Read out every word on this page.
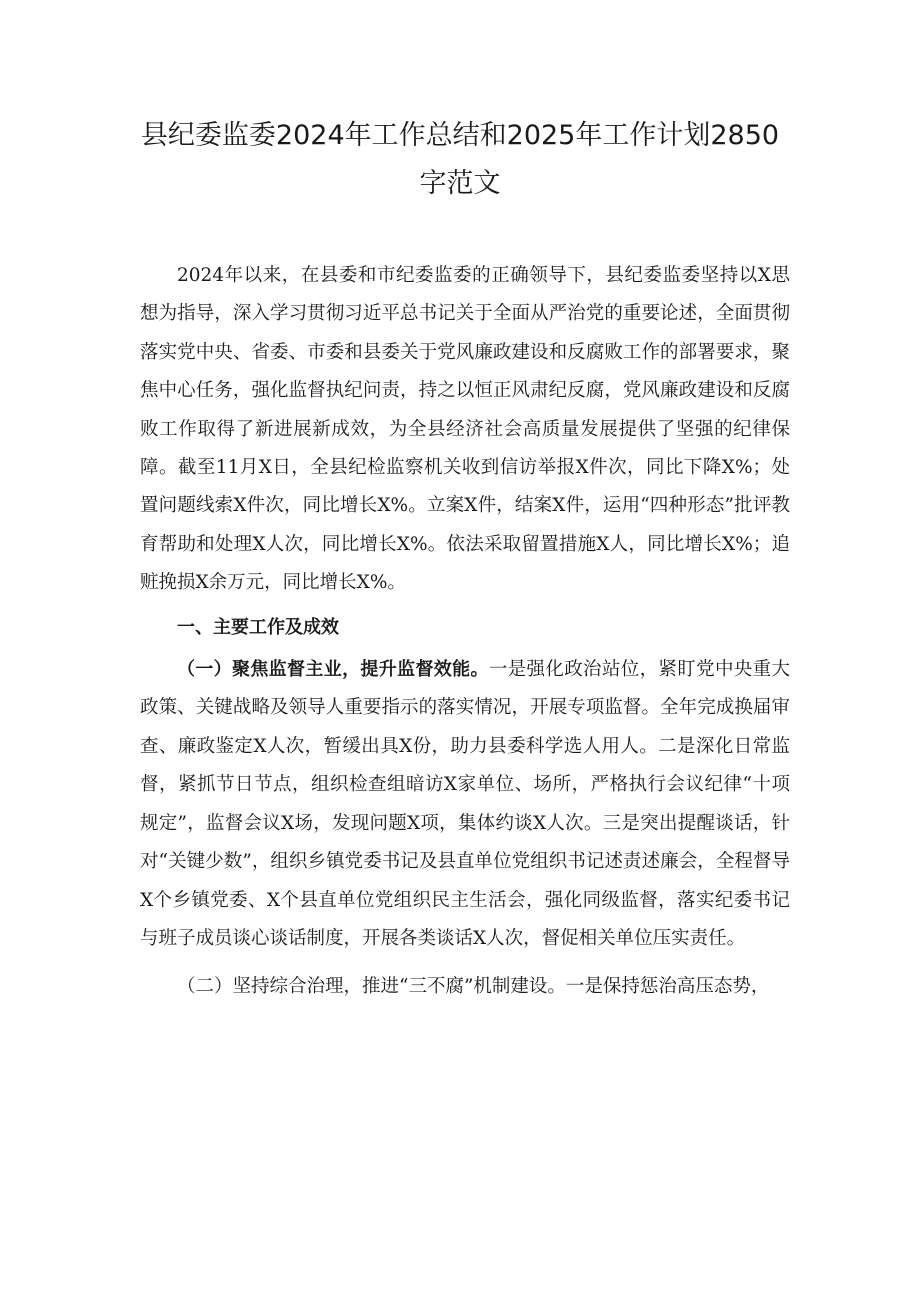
县纪委监委2024年工作总结和2025年工作计划2850字范文

2024年以来，在县委和市纪委监委的正确领导下，县纪委监委坚持以X思想为指导，深入学习贯彻习近平总书记关于全面从严治党的重要论述，全面贯彻落实党中央、省委、市委和县委关于党风廉政建设和反腐败工作的部署要求，聚焦中心任务，强化监督执纪问责，持之以恒正风肃纪反腐，党风廉政建设和反腐败工作取得了新进展新成效，为全县经济社会高质量发展提供了坚强的纪律保障。截至11月X日，全县纪检监察机关收到信访举报X件次，同比下降X%；处置问题线索X件次，同比增长X%。立案X件，结案X件，运用“四种形态”批评教育帮助和处理X人次，同比增长X%。依法采取留置措施X人，同比增长X%；追赃挽损X余万元，同比增长X%。

一、主要工作及成效

（一）聚焦监督主业，提升监督效能。一是强化政治站位，紧盯党中央重大政策、关键战略及领导人重要指示的落实情况，开展专项监督。全年完成换届审查、廉政鉴定X人次，暂缓出具X份，助力县委科学选人用人。二是深化日常监督，紧抓节日节点，组织检查组暗访X家单位、场所，严格执行会议纪律“十项规定”，监督会议X场，发现问题X项，集体约谈X人次。三是突出提醒谈话，针对“关键少数”，组织乡镇党委书记及县直单位党组织书记述责述廉会，全程督导X个乡镇党委、X个县直单位党组织民主生活会，强化同级监督，落实纪委书记与班子成员谈心谈话制度，开展各类谈话X人次，督促相关单位压实责任。

（二）坚持综合治理，推进“三不腐”机制建设。一是保持惩治高压态势，
